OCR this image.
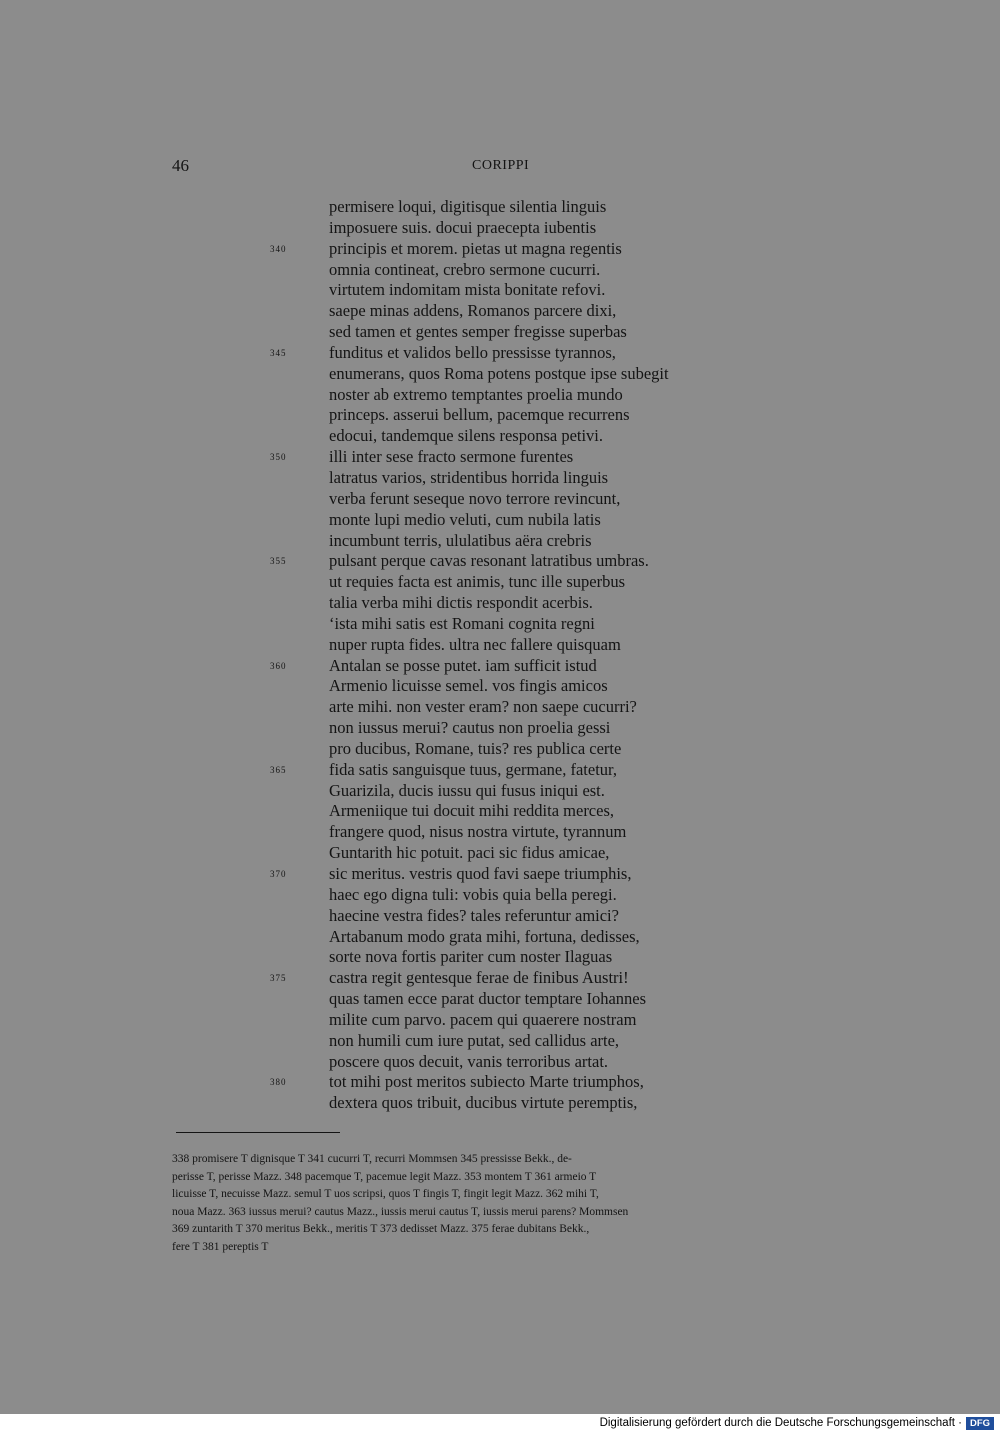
46	CORIPPI
permisere loqui, digitisque silentia linguis
imposuere suis. docui praecepta iubentis
340	principis et morem. pietas ut magna regentis
omnia contineat, crebro sermone cucurri.
virtutem indomitam mista bonitate refovi.
saepe minas addens, Romanos parcere dixi,
sed tamen et gentes semper fregisse superbas
345	funditus et validos bello pressisse tyrannos,
enumerans, quos Roma potens postque ipse subegit
noster ab extremo temptantes proelia mundo
princeps. asserui bellum, pacemque recurrens
edocui, tandemque silens responsa petivi.
350	illi inter sese fracto sermone furentes
latratus varios, stridentibus horrida linguis
verba ferunt seseque novo terrore revincunt,
monte lupi medio veluti, cum nubila latis
incumbunt terris, ululatibus aëra crebris
355	pulsant perque cavas resonant latratibus umbras.
ut requies facta est animis, tunc ille superbus
talia verba mihi dictis respondit acerbis.
‘ista mihi satis est Romani cognita regni
nuper rupta fides. ultra nec fallere quisquam
360	Antalan se posse putet. iam sufficit istud
Armenio licuisse semel. vos fingis amicos
arte mihi. non vester eram? non saepe cucurri?
non iussus merui? cautus non proelia gessi
pro ducibus, Romane, tuis? res publica certe
365	fida satis sanguisque tuus, germane, fatetur,
Guarizila, ducis iussu qui fusus iniqui est.
Armeniique tui docuit mihi reddita merces,
frangere quod, nisus nostra virtute, tyrannum
Guntarith hic potuit. paci sic fidus amicae,
370	sic meritus. vestris quod favi saepe triumphis,
haec ego digna tuli: vobis quia bella peregi.
haecine vestra fides? tales referuntur amici?
Artabanum modo grata mihi, fortuna, dedisses,
sorte nova fortis pariter cum noster Ilaguas
375	castra regit gentesque ferae de finibus Austri!
quas tamen ecce parat ductor temptare Iohannes
milite cum parvo. pacem qui quaerere nostram
non humili cum iure putat, sed callidus arte,
poscere quos decuit, vanis terroribus artat.
380	tot mihi post meritos subiecto Marte triumphos,
dextera quos tribuit, ducibus virtute peremptis,
338 promisere T dignisque T 341 cucurri T, recurri Mommsen 345 pressisse Bekk., de-
perisse T, perisse Mazz. 348 pacemque T, pacemue legit Mazz. 353 montem T 361 armeio T
licuisse T, necuisse Mazz. semul T uos scripsi, quos T fingis T, fingit legit Mazz. 362 mihi T,
noua Mazz. 363 iussus merui? cautus Mazz., iussis merui cautus T, iussis merui parens? Mommsen
369 zuntarith T 370 meritus Bekk., meritis T 373 dedisset Mazz. 375 ferae dubitans Bekk.,
fere T 381 pereptis T
Digitalisierung gefördert durch die Deutsche Forschungsgemeinschaft · DFG
